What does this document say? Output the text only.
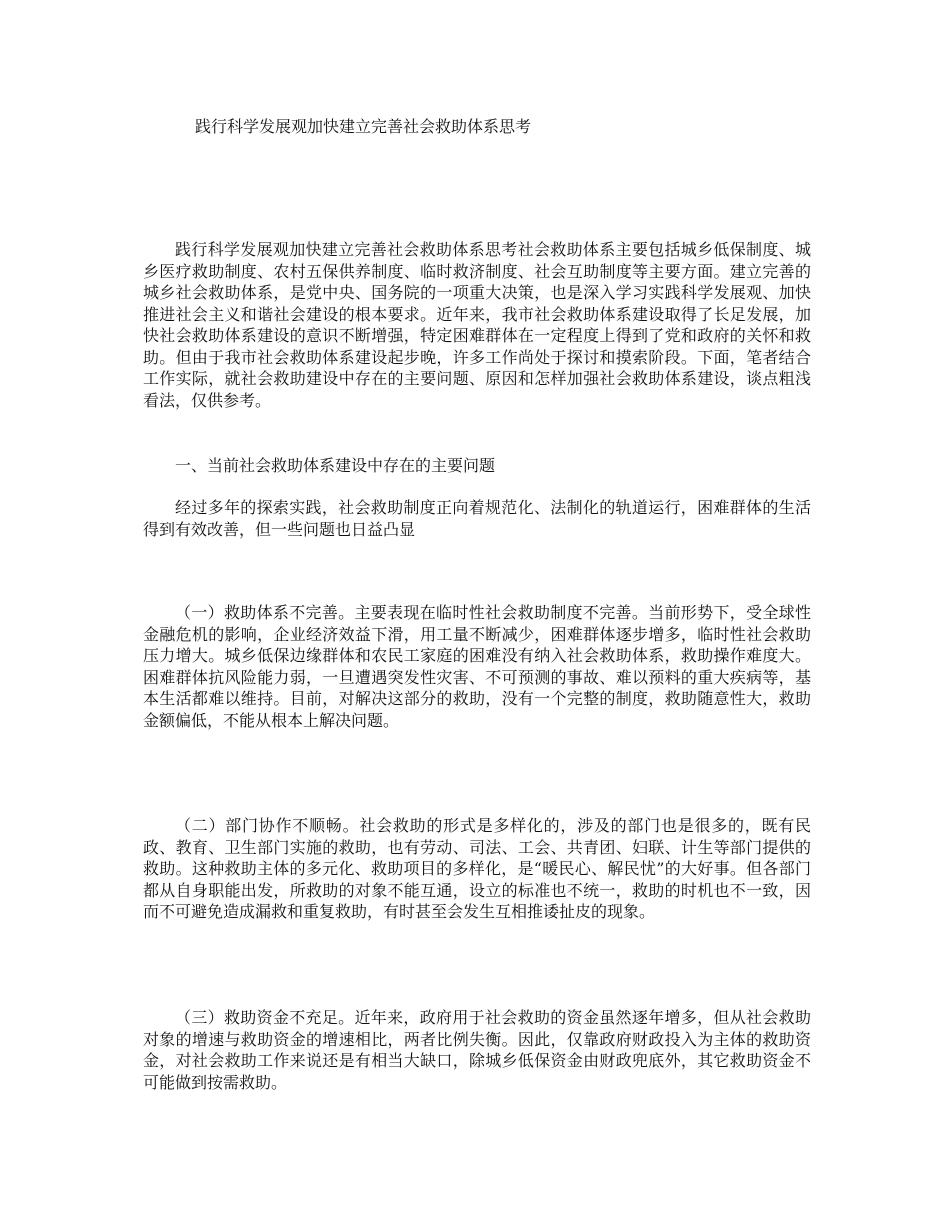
践行科学发展观加快建立完善社会救助体系思考

践行科学发展观加快建立完善社会救助体系思考社会救助体系主要包括城乡低保制度、城乡医疗救助制度、农村五保供养制度、临时救济制度、社会互助制度等主要方面。建立完善的城乡社会救助体系，是党中央、国务院的一项重大决策，也是深入学习实践科学发展观、加快推进社会主义和谐社会建设的根本要求。近年来，我市社会救助体系建设取得了长足发展，加快社会救助体系建设的意识不断增强，特定困难群体在一定程度上得到了党和政府的关怀和救助。但由于我市社会救助体系建设起步晚，许多工作尚处于探讨和摸索阶段。下面，笔者结合工作实际，就社会救助建设中存在的主要问题、原因和怎样加强社会救助体系建设，谈点粗浅看法，仅供参考。

一、当前社会救助体系建设中存在的主要问题

经过多年的探索实践，社会救助制度正向着规范化、法制化的轨道运行，困难群体的生活得到有效改善，但一些问题也日益凸显

（一）救助体系不完善。主要表现在临时性社会救助制度不完善。当前形势下，受全球性金融危机的影响，企业经济效益下滑，用工量不断减少，困难群体逐步增多，临时性社会救助压力增大。城乡低保边缘群体和农民工家庭的困难没有纳入社会救助体系，救助操作难度大。困难群体抗风险能力弱，一旦遭遇突发性灾害、不可预测的事故、难以预料的重大疾病等，基本生活都难以维持。目前，对解决这部分的救助，没有一个完整的制度，救助随意性大，救助金额偏低，不能从根本上解决问题。

（二）部门协作不顺畅。社会救助的形式是多样化的，涉及的部门也是很多的，既有民政、教育、卫生部门实施的救助，也有劳动、司法、工会、共青团、妇联、计生等部门提供的救助。这种救助主体的多元化、救助项目的多样化，是“暖民心、解民忧”的大好事。但各部门都从自身职能出发，所救助的对象不能互通，设立的标准也不统一，救助的时机也不一致，因而不可避免造成漏救和重复救助，有时甚至会发生互相推诿扯皮的现象。

（三）救助资金不充足。近年来，政府用于社会救助的资金虽然逐年增多，但从社会救助对象的增速与救助资金的增速相比，两者比例失衡。因此，仅靠政府财政投入为主体的救助资金，对社会救助工作来说还是有相当大缺口，除城乡低保资金由财政兜底外，其它救助资金不可能做到按需救助。
